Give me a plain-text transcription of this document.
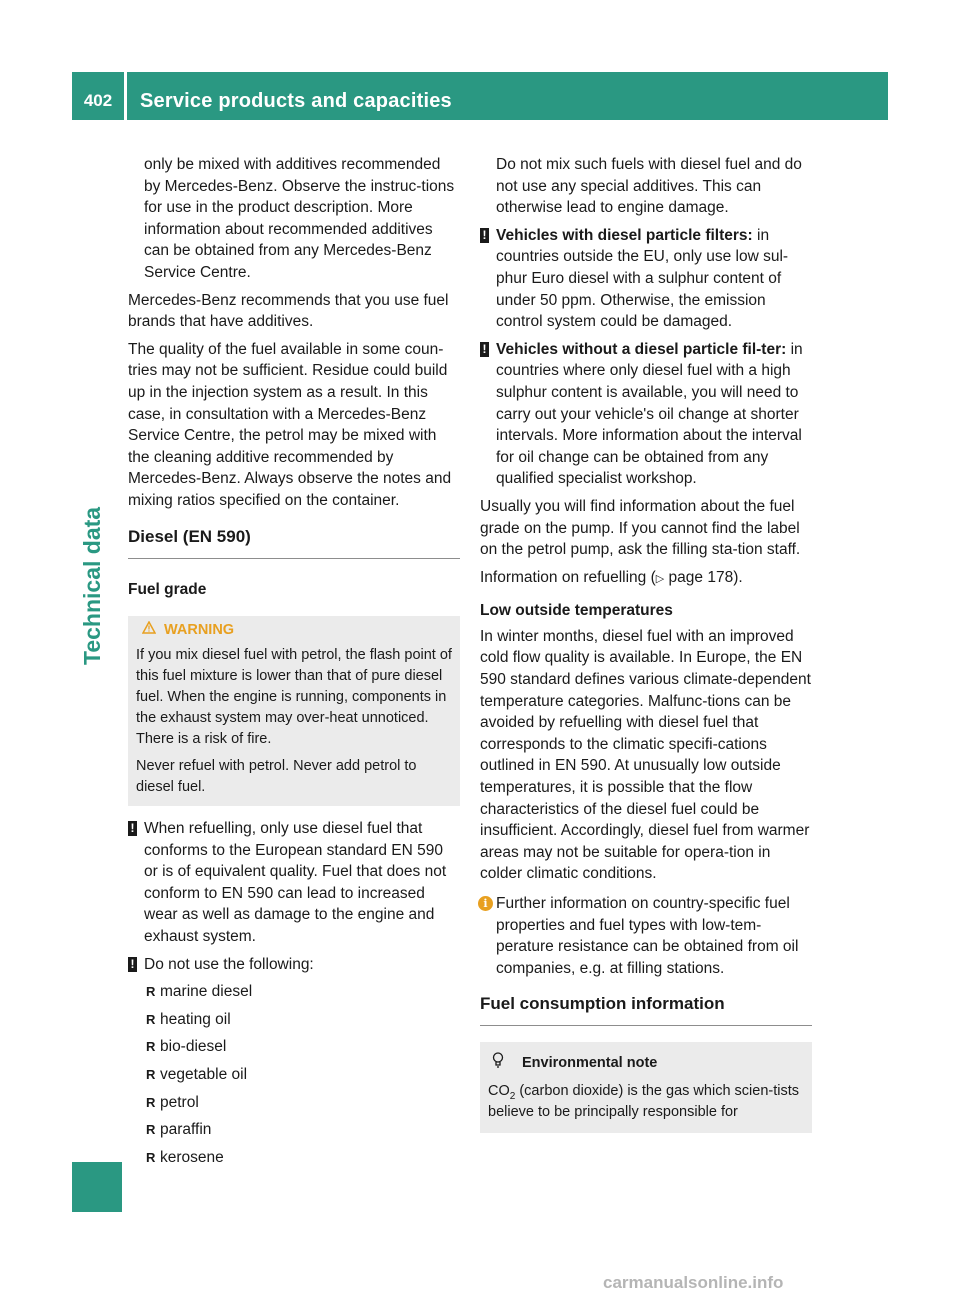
402	Service products and capacities
Technical data

only be mixed with additives recommended by Mercedes-Benz. Observe the instruc-tions for use in the product description. More information about recommended additives can be obtained from any Mercedes-Benz Service Centre.

Mercedes-Benz recommends that you use fuel brands that have additives.

The quality of the fuel available in some coun-tries may not be sufficient. Residue could build up in the injection system as a result. In this case, in consultation with a Mercedes-Benz Service Centre, the petrol may be mixed with the cleaning additive recommended by Mercedes-Benz. Always observe the notes and mixing ratios specified on the container.

Diesel (EN 590)
Fuel grade
WARNING

If you mix diesel fuel with petrol, the flash point of this fuel mixture is lower than that of pure diesel fuel. When the engine is running, components in the exhaust system may over-heat unnoticed. There is a risk of fire.

Never refuel with petrol. Never add petrol to diesel fuel.

! When refuelling, only use diesel fuel that conforms to the European standard EN 590 or is of equivalent quality. Fuel that does not conform to EN 590 can lead to increased wear as well as damage to the engine and exhaust system.
! Do not use the following:
R marine diesel
R heating oil
R bio-diesel
R vegetable oil
R petrol
R paraffin
R kerosene

Do not mix such fuels with diesel fuel and do not use any special additives. This can otherwise lead to engine damage.

! Vehicles with diesel particle filters: in countries outside the EU, only use low sul-phur Euro diesel with a sulphur content of under 50 ppm. Otherwise, the emission control system could be damaged.
! Vehicles without a diesel particle fil-ter: in countries where only diesel fuel with a high sulphur content is available, you will need to carry out your vehicle's oil change at shorter intervals. More information about the interval for oil change can be obtained from any qualified specialist workshop.

Usually you will find information about the fuel grade on the pump. If you cannot find the label on the petrol pump, ask the filling sta-tion staff.

Information on refuelling (▷ page 178).

Low outside temperatures

In winter months, diesel fuel with an improved cold flow quality is available. In Europe, the EN 590 standard defines various climate-dependent temperature categories. Malfunc-tions can be avoided by refuelling with diesel fuel that corresponds to the climatic specifi-cations outlined in EN 590. At unusually low outside temperatures, it is possible that the flow characteristics of the diesel fuel could be insufficient. Accordingly, diesel fuel from warmer areas may not be suitable for opera-tion in colder climatic conditions.

i Further information on country-specific fuel properties and fuel types with low-tem-perature resistance can be obtained from oil companies, e.g. at filling stations.
Fuel consumption information
Environmental note

$CO_2$ (carbon dioxide) is the gas which scien-tists believe to be principally responsible for

carmanualsonline.info
